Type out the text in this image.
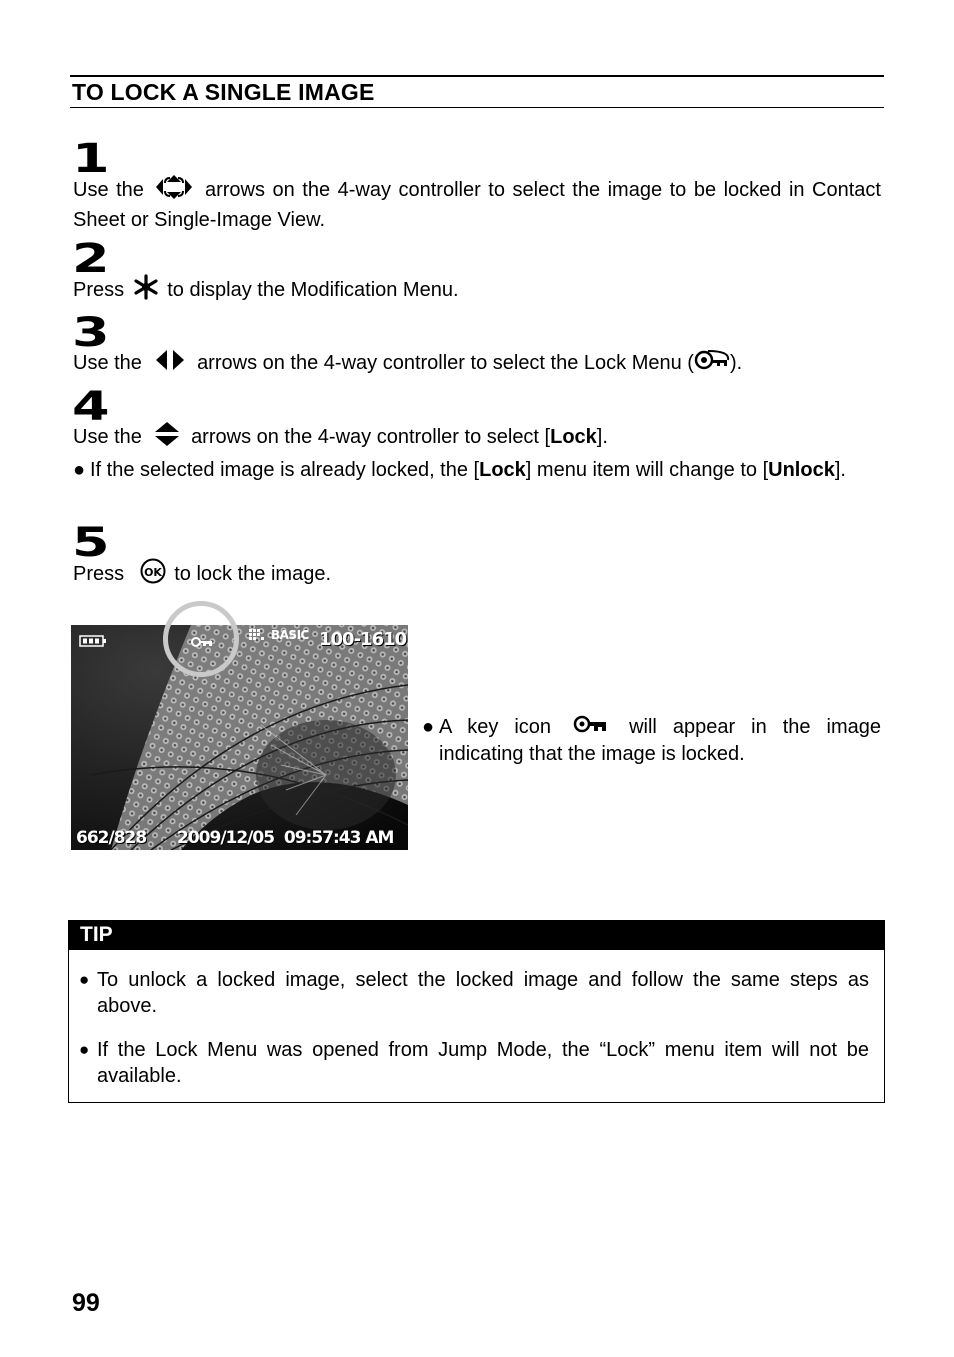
TO LOCK A SINGLE IMAGE
1
Use the	arrows on the 4-way controller to select the image to be locked in Contact Sheet or Single-Image View.
2
Press to display the Modification Menu.
3
Use the	arrows on the 4-way controller to select the Lock Menu ( ).
4
Use the arrows on the 4-way controller to select [Lock].
● If the selected image is already locked, the [Lock] menu item will change to [Unlock].
5
Press OK to lock the image.
BASIC 100-1610
662/828 2009/12/05  09:57:43 AM
● A key icon	will appear in the image indicating that the image is locked.
TIP
● To unlock a locked image, select the locked image and follow the same steps as above.
● If the Lock Menu was opened from Jump Mode, the “Lock” menu item will not be available.
99
